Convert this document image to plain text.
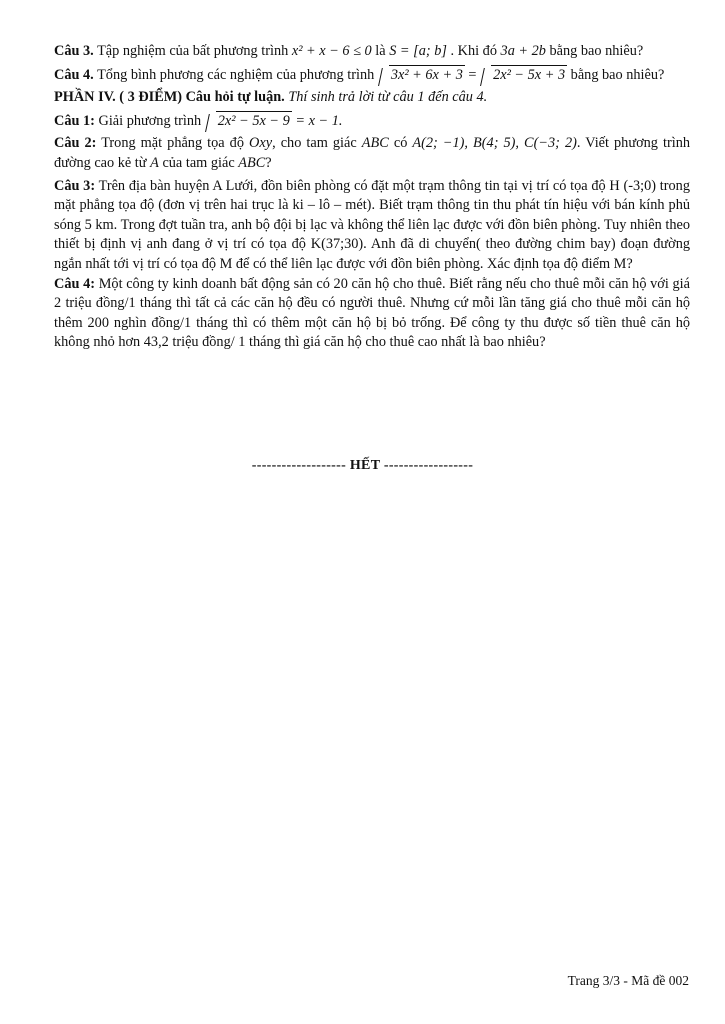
Câu 3. Tập nghiệm của bất phương trình x² + x − 6 ≤ 0 là S = [a; b] . Khi đó 3a + 2b bằng bao nhiêu?

Câu 4. Tổng bình phương các nghiệm của phương trình 3x² + 6x + 3 = 2x² − 5x + 3 bằng bao nhiêu?

PHẦN IV. ( 3 ĐIỂM) Câu hỏi tự luận. Thí sinh trả lời từ câu 1 đến câu 4.

Câu 1: Giải phương trình 2x² − 5x − 9 = x − 1.

Câu 2: Trong mặt phẳng tọa độ Oxy, cho tam giác ABC có A(2; −1), B(4; 5), C(−3; 2). Viết phương trình đường cao kẻ từ A của tam giác ABC?

Câu 3: Trên địa bàn huyện A Lưới, đồn biên phòng có đặt một trạm thông tin tại vị trí có tọa độ H (-3;0) trong mặt phẳng tọa độ (đơn vị trên hai trục là ki – lô – mét). Biết trạm thông tin thu phát tín hiệu với bán kính phủ sóng 5 km. Trong đợt tuần tra, anh bộ đội bị lạc và không thể liên lạc được với đồn biên phòng. Tuy nhiên theo thiết bị định vị anh đang ở vị trí có tọa độ K(37;30). Anh đã di chuyển( theo đường chim bay) đoạn đường ngắn nhất tới vị trí có tọa độ M để có thể liên lạc được với đồn biên phòng. Xác định tọa độ điểm M?

Câu 4: Một công ty kinh doanh bất động sản có 20 căn hộ cho thuê. Biết rằng nếu cho thuê mỗi căn hộ với giá 2 triệu đồng/1 tháng thì tất cả các căn hộ đều có người thuê. Nhưng cứ mỗi lần tăng giá cho thuê mỗi căn hộ thêm 200 nghìn đồng/1 tháng thì có thêm một căn hộ bị bỏ trống. Để công ty thu được số tiền thuê căn hộ không nhỏ hơn 43,2 triệu đồng/ 1 tháng thì giá căn hộ cho thuê cao nhất là bao nhiêu?

------------------- HẾT ------------------
Trang 3/3 - Mã đề 002
